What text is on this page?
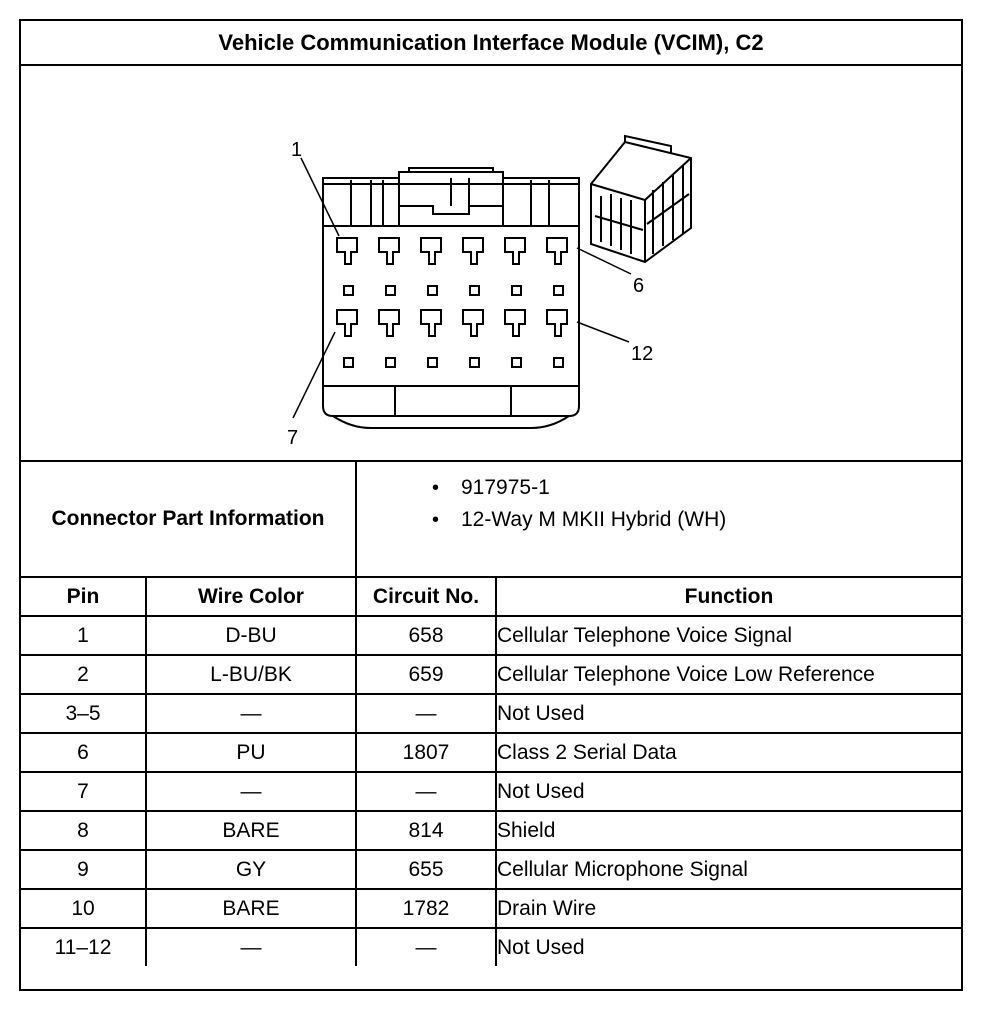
Vehicle Communication Interface Module (VCIM), C2
1
6
12
7
Connector Part Information
•	917975-1
•	12-Way M MKII Hybrid (WH)
Pin	Wire Color	Circuit No.	Function
1	D-BU	658	Cellular Telephone Voice Signal
2	L-BU/BK	659	Cellular Telephone Voice Low Reference
3–5	—	—	Not Used
6	PU	1807	Class 2 Serial Data
7	—	—	Not Used
8	BARE	814	Shield
9	GY	655	Cellular Microphone Signal
10	BARE	1782	Drain Wire
11–12	—	—	Not Used
